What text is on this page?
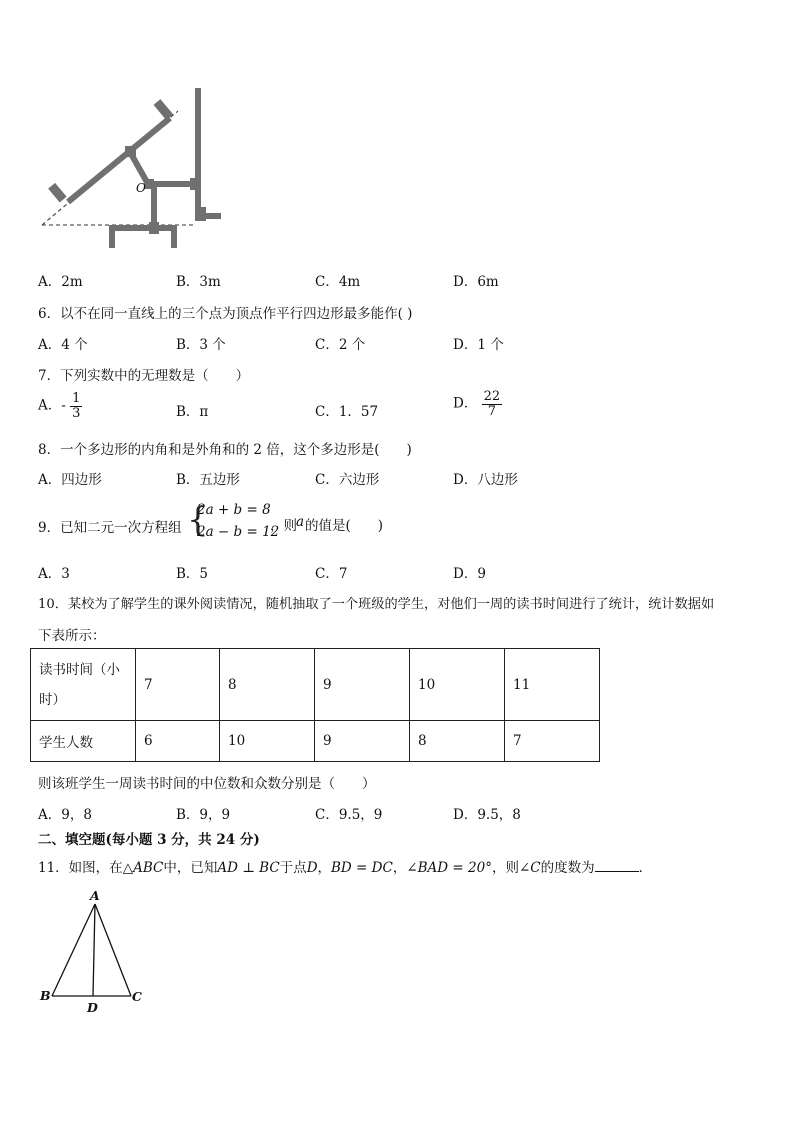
O
A．2m	B．3m	C．4m	D．6m
6．以不在同一直线上的三个点为顶点作平行四边形最多能作( )
A．4 个	B．3 个	C．2 个	D．1 个
7．下列实数中的无理数是（　　）
A．- $\frac{1}{3}$	B．π	C．1．57
D． $\frac{22}{7}$
8．一个多边形的内角和是外角和的 2 倍，这个多边形是(　　)
A．四边形	B．五边形	C．六边形	D．八边形
9．已知二元一次方程组 {
2a + b = 8
2a − b = 12
，则 a 的值是(　　)
A．3	B．5	C．7	D．9
10．某校为了解学生的课外阅读情况，随机抽取了一个班级的学生，对他们一周的读书时间进行了统计，统计数据如
下表所示：
读书时间（小
时）	7	8	9	10	11
学生人数	6	10	9	8	7
则该班学生一周读书时间的中位数和众数分别是（　　）
A．9，8	B．9，9	C．9.5，9	D．9.5，8
二、填空题(每小题 3 分，共 24 分)
11．如图，在△ABC中，已知AD ⊥ BC于点D，BD = DC，∠BAD = 20°，则∠C的度数为	．
A
B	C
D
